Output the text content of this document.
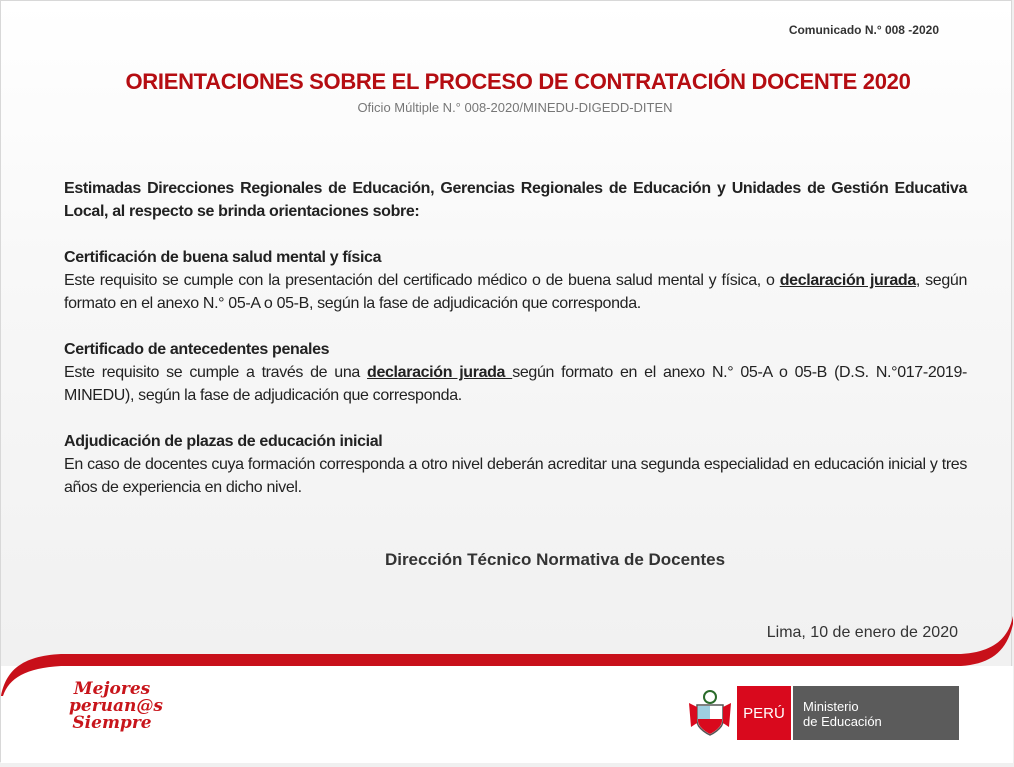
Comunicado N.° 008 -2020
ORIENTACIONES SOBRE EL PROCESO DE CONTRATACIÓN DOCENTE 2020
Oficio Múltiple N.° 008-2020/MINEDU-DIGEDD-DITEN

Estimadas Direcciones Regionales de Educación, Gerencias Regionales de Educación y Unidades de Gestión Educativa Local, al respecto se brinda orientaciones sobre:

Certificación de buena salud mental y física
Este requisito se cumple con la presentación del certificado médico o de buena salud mental y física, o declaración jurada, según formato en el anexo N.° 05-A o 05-B, según la fase de adjudicación que corresponda.

Certificado de antecedentes penales
Este requisito se cumple a través de una declaración jurada según formato en el anexo N.° 05-A o 05-B (D.S. N.°017-2019-MINEDU), según la fase de adjudicación que corresponda.

Adjudicación de plazas de educación inicial
En caso de docentes cuya formación corresponda a otro nivel deberán acreditar una segunda especialidad en educación inicial y tres años de experiencia en dicho nivel.

Dirección Técnico Normativa de Docentes
Lima, 10 de enero de 2020
Mejores
peruan@s
Siempre	PERÚ	Ministerio
de Educación
